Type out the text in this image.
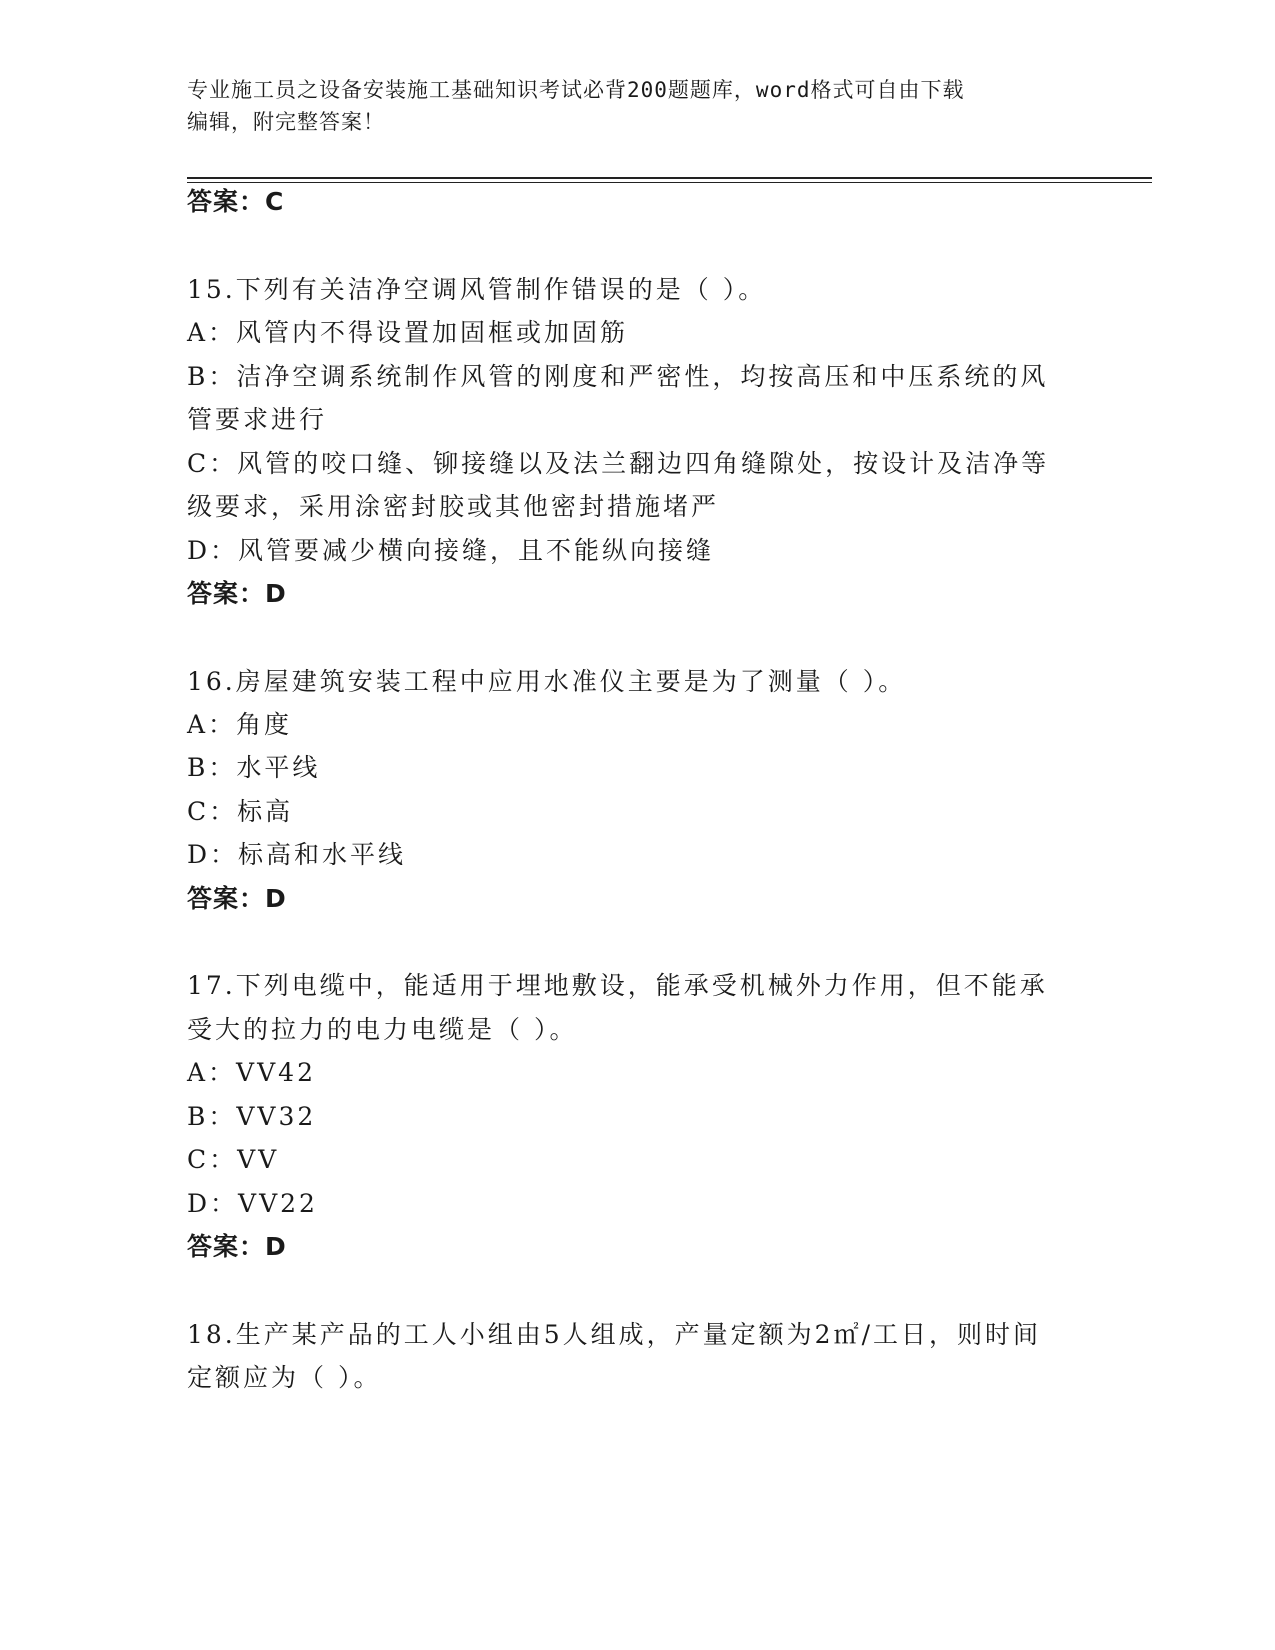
专业施工员之设备安装施工基础知识考试必背200题题库，word格式可自由下载
编辑，附完整答案！
答案：C
15.下列有关洁净空调风管制作错误的是（ ）。
A：风管内不得设置加固框或加固筋
B：洁净空调系统制作风管的刚度和严密性，均按高压和中压系统的风
管要求进行
C：风管的咬口缝、铆接缝以及法兰翻边四角缝隙处，按设计及洁净等
级要求，采用涂密封胶或其他密封措施堵严
D：风管要减少横向接缝，且不能纵向接缝
答案：D
16.房屋建筑安装工程中应用水准仪主要是为了测量（ ）。
A：角度
B：水平线
C：标高
D：标高和水平线
答案：D
17.下列电缆中，能适用于埋地敷设，能承受机械外力作用，但不能承
受大的拉力的电力电缆是（ ）。
A：VV42
B：VV32
C：VV
D：VV22
答案：D
18.生产某产品的工人小组由5人组成，产量定额为2㎡/工日，则时间
定额应为（ ）。
